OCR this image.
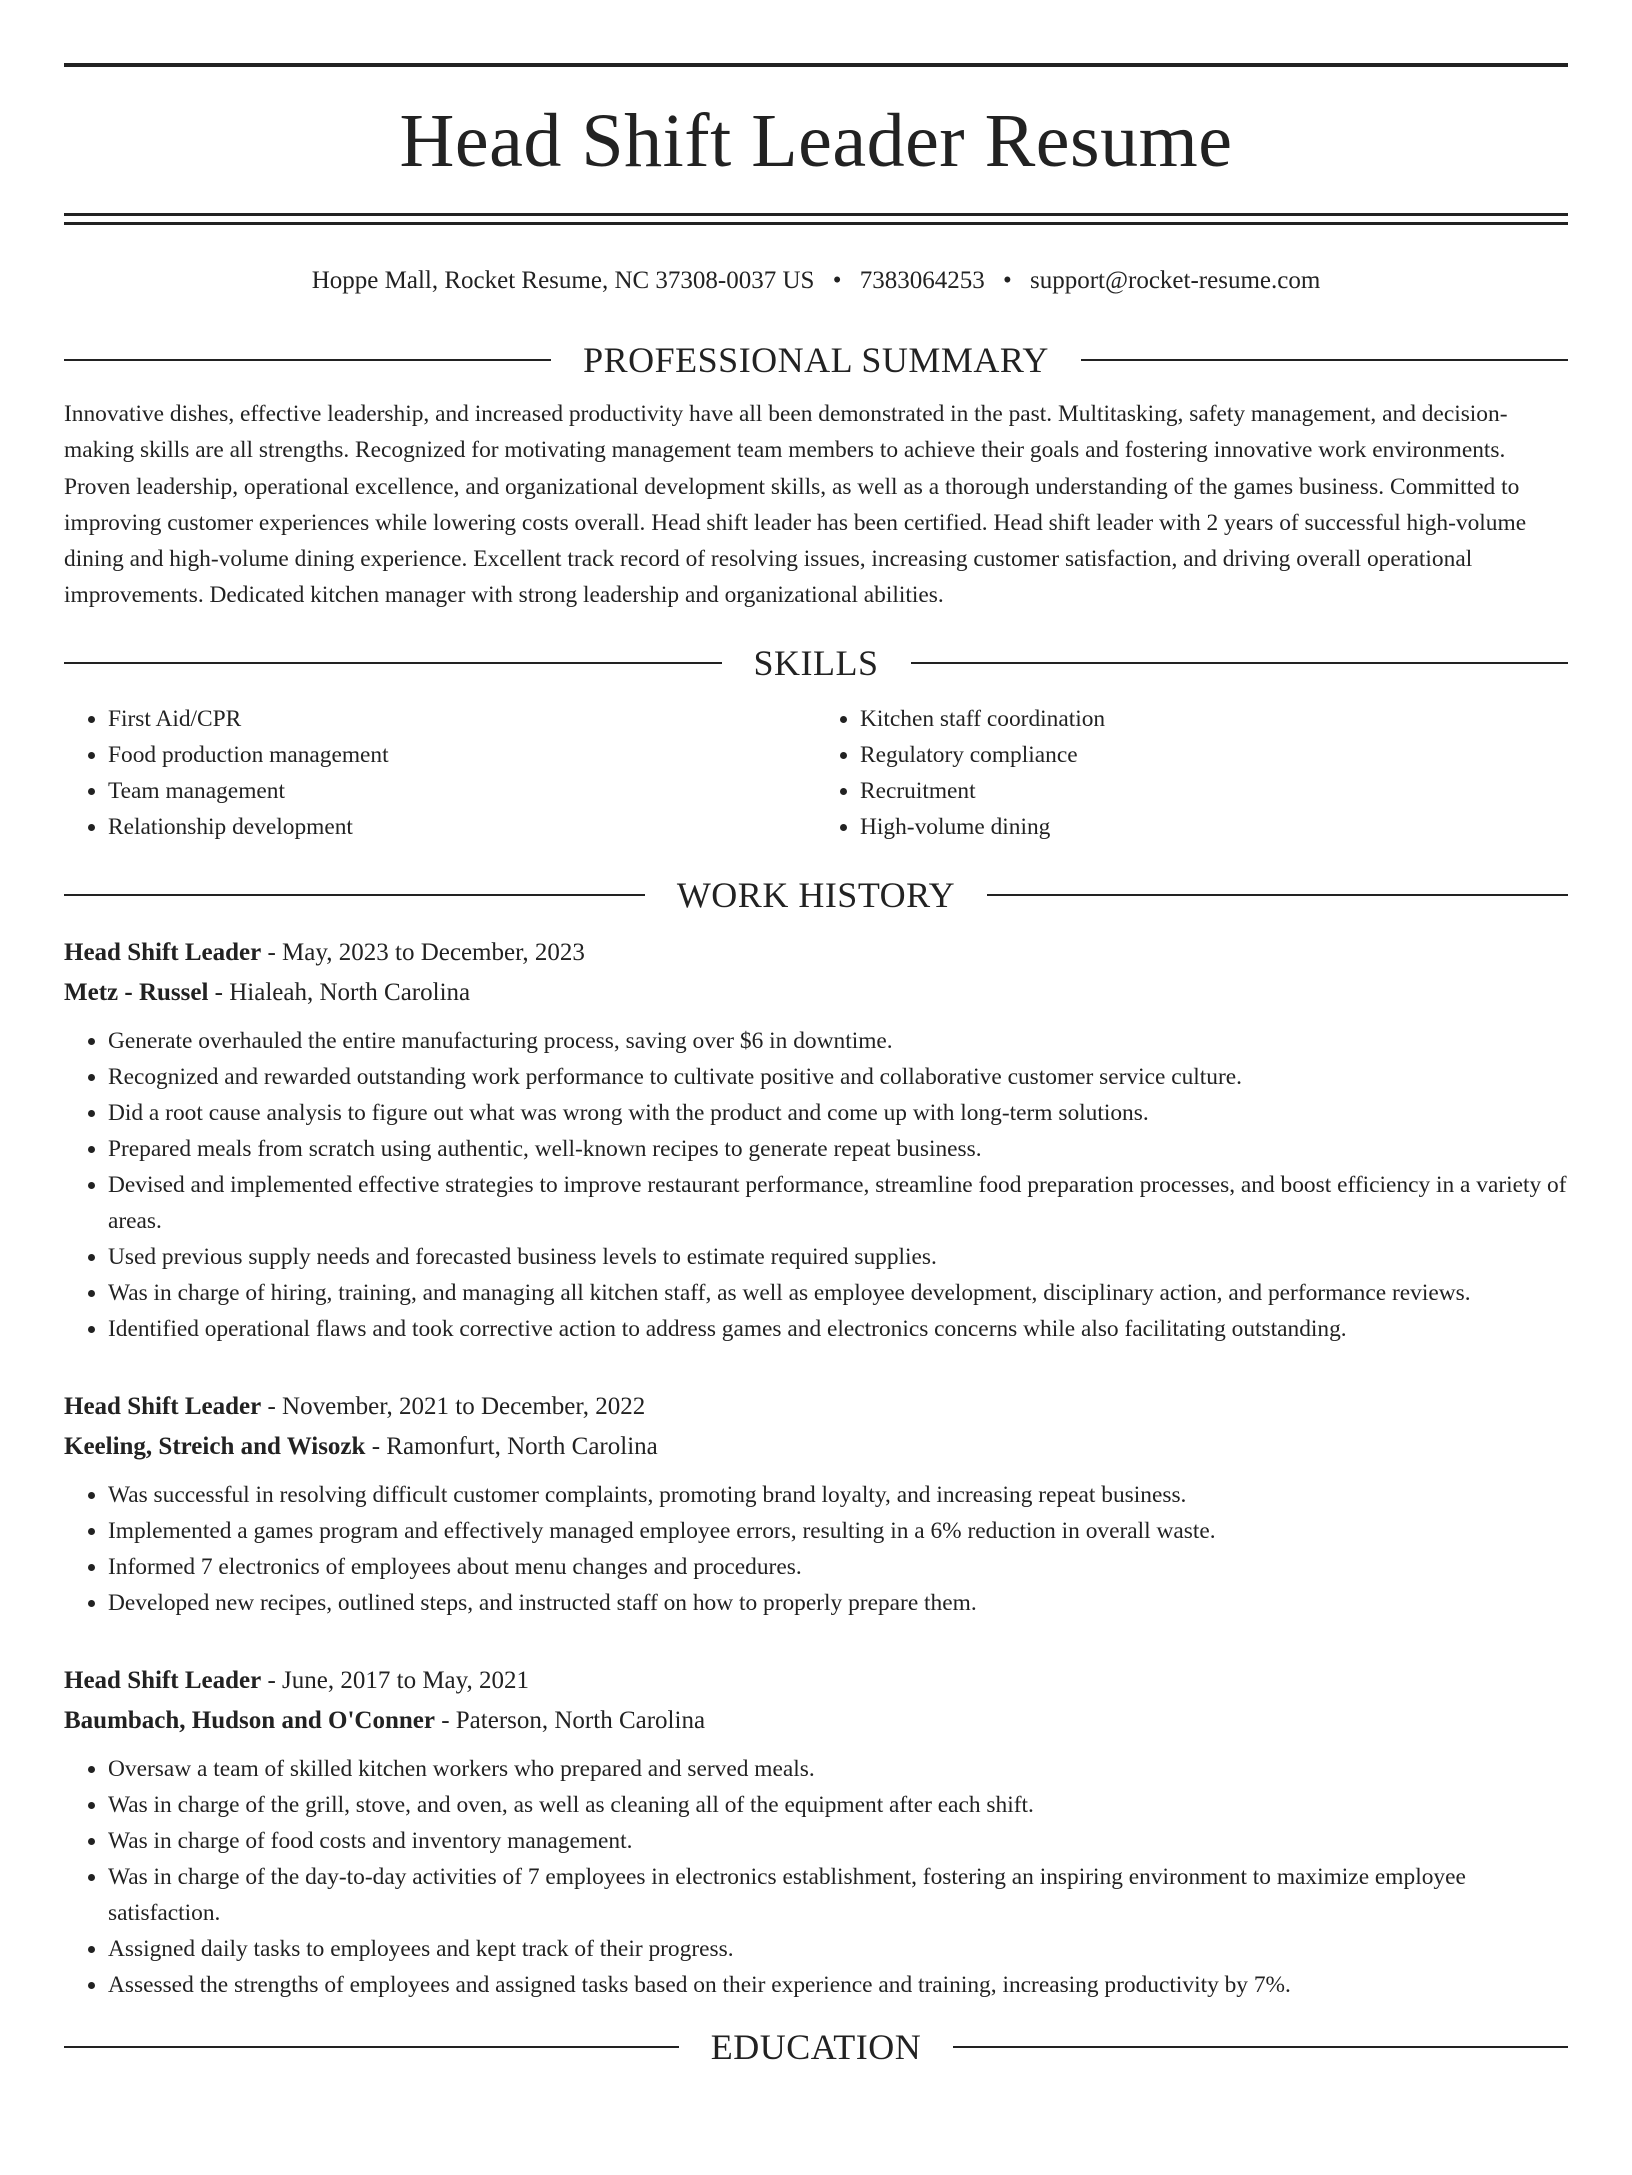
Head Shift Leader Resume
Hoppe Mall, Rocket Resume, NC 37308-0037 US • 7383064253 • support@rocket-resume.com
PROFESSIONAL SUMMARY

Innovative dishes, effective leadership, and increased productivity have all been demonstrated in the past. Multitasking, safety management, and decision-making skills are all strengths. Recognized for motivating management team members to achieve their goals and fostering innovative work environments. Proven leadership, operational excellence, and organizational development skills, as well as a thorough understanding of the games business. Committed to improving customer experiences while lowering costs overall. Head shift leader has been certified. Head shift leader with 2 years of successful high-volume dining and high-volume dining experience. Excellent track record of resolving issues, increasing customer satisfaction, and driving overall operational improvements. Dedicated kitchen manager with strong leadership and organizational abilities.

SKILLS
• First Aid/CPR
• Food production management
• Team management
• Relationship development
• Kitchen staff coordination
• Regulatory compliance
• Recruitment
• High-volume dining
WORK HISTORY
Head Shift Leader - May, 2023 to December, 2023
Metz - Russel - Hialeah, North Carolina
• Generate overhauled the entire manufacturing process, saving over $6 in downtime.
• Recognized and rewarded outstanding work performance to cultivate positive and collaborative customer service culture.
• Did a root cause analysis to figure out what was wrong with the product and come up with long-term solutions.
• Prepared meals from scratch using authentic, well-known recipes to generate repeat business.
• Devised and implemented effective strategies to improve restaurant performance, streamline food preparation processes, and boost efficiency in a variety of areas.
• Used previous supply needs and forecasted business levels to estimate required supplies.
• Was in charge of hiring, training, and managing all kitchen staff, as well as employee development, disciplinary action, and performance reviews.
• Identified operational flaws and took corrective action to address games and electronics concerns while also facilitating outstanding.
Head Shift Leader - November, 2021 to December, 2022
Keeling, Streich and Wisozk - Ramonfurt, North Carolina
• Was successful in resolving difficult customer complaints, promoting brand loyalty, and increasing repeat business.
• Implemented a games program and effectively managed employee errors, resulting in a 6% reduction in overall waste.
• Informed 7 electronics of employees about menu changes and procedures.
• Developed new recipes, outlined steps, and instructed staff on how to properly prepare them.
Head Shift Leader - June, 2017 to May, 2021
Baumbach, Hudson and O'Conner - Paterson, North Carolina
• Oversaw a team of skilled kitchen workers who prepared and served meals.
• Was in charge of the grill, stove, and oven, as well as cleaning all of the equipment after each shift.
• Was in charge of food costs and inventory management.
• Was in charge of the day-to-day activities of 7 employees in electronics establishment, fostering an inspiring environment to maximize employee satisfaction.
• Assigned daily tasks to employees and kept track of their progress.
• Assessed the strengths of employees and assigned tasks based on their experience and training, increasing productivity by 7%.
EDUCATION
